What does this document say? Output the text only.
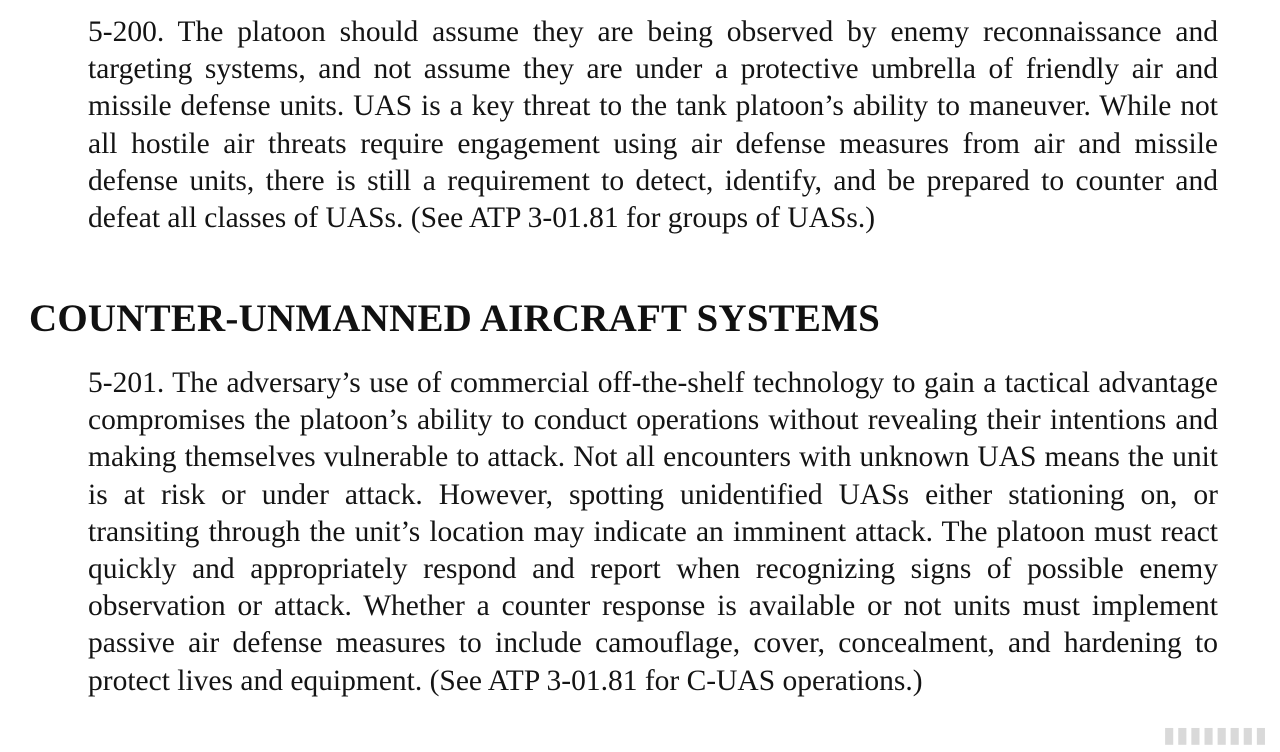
5-200. The platoon should assume they are being observed by enemy reconnaissance and targeting systems, and not assume they are under a protective umbrella of friendly air and missile defense units. UAS is a key threat to the tank platoon’s ability to maneuver. While not all hostile air threats require engagement using air defense measures from air and missile defense units, there is still a requirement to detect, identify, and be prepared to counter and defeat all classes of UASs. (See ATP 3-01.81 for groups of UASs.)

COUNTER-UNMANNED AIRCRAFT SYSTEMS

5-201. The adversary’s use of commercial off-the-shelf technology to gain a tactical advantage compromises the platoon’s ability to conduct operations without revealing their intentions and making themselves vulnerable to attack. Not all encounters with unknown UAS means the unit is at risk or under attack. However, spotting unidentified UASs either stationing on, or transiting through the unit’s location may indicate an imminent attack. The platoon must react quickly and appropriately respond and report when recognizing signs of possible enemy observation or attack. Whether a counter response is available or not units must implement passive air defense measures to include camouflage, cover, concealment, and hardening to protect lives and equipment. (See ATP 3-01.81 for C-UAS operations.)

▮▮▮▮▮▮▮▮
